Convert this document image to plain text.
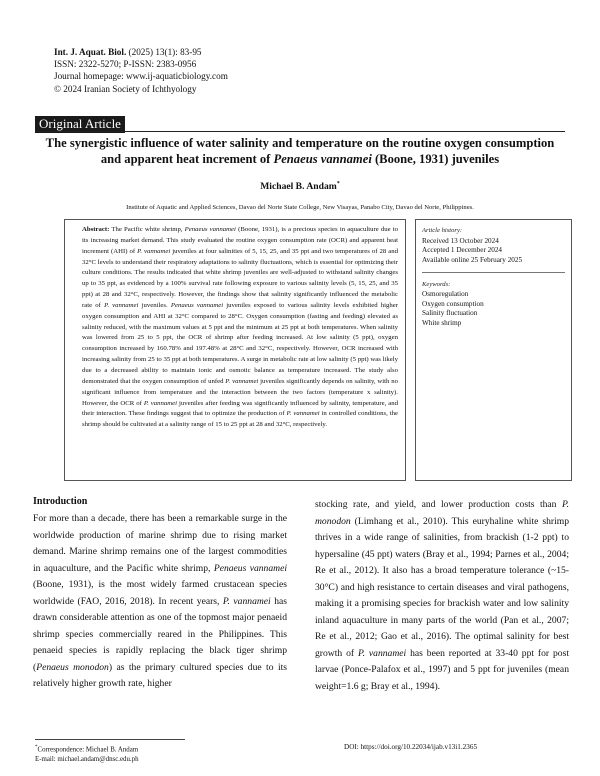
Int. J. Aquat. Biol. (2025) 13(1): 83-95
ISSN: 2322-5270; P-ISSN: 2383-0956
Journal homepage: www.ij-aquaticbiology.com
© 2024 Iranian Society of Ichthyology
Original Article
The synergistic influence of water salinity and temperature on the routine oxygen consumption and apparent heat increment of Penaeus vannamei (Boone, 1931) juveniles
Michael B. Andam*
Institute of Aquatic and Applied Sciences, Davao del Norte State College, New Visayas, Panabo City, Davao del Norte, Philippines.

Abstract: The Pacific white shrimp, Penaeus vannamei (Boone, 1931), is a precious species in aquaculture due to its increasing market demand. This study evaluated the routine oxygen consumption rate (OCR) and apparent heat increment (AHI) of P. vannamei juveniles at four salinities of 5, 15, 25, and 35 ppt and two temperatures of 28 and 32°C levels to understand their respiratory adaptations to salinity fluctuations, which is essential for optimizing their culture conditions. The results indicated that white shrimp juveniles are well-adjusted to withstand salinity changes up to 35 ppt, as evidenced by a 100% survival rate following exposure to various salinity levels (5, 15, 25, and 35 ppt) at 28 and 32°C, respectively. However, the findings show that salinity significantly influenced the metabolic rate of P. vannamei juveniles. Penaeus vannamei juveniles exposed to various salinity levels exhibited higher oxygen consumption and AHI at 32°C compared to 28°C. Oxygen consumption (fasting and feeding) elevated as salinity reduced, with the maximum values at 5 ppt and the minimum at 25 ppt at both temperatures. When salinity was lowered from 25 to 5 ppt, the OCR of shrimp after feeding increased. At low salinity (5 ppt), oxygen consumption increased by 160.78% and 197.48% at 28°C and 32°C, respectively. However, OCR increased with increasing salinity from 25 to 35 ppt at both temperatures. A surge in metabolic rate at low salinity (5 ppt) was likely due to a decreased ability to maintain ionic and osmotic balance as temperature increased. The study also demonstrated that the oxygen consumption of unfed P. vannamei juveniles significantly depends on salinity, with no significant influence from temperature and the interaction between the two factors (temperature x salinity). However, the OCR of P. vannamei juveniles after feeding was significantly influenced by salinity, temperature, and their interaction. These findings suggest that to optimize the production of P. vannamei in controlled conditions, the shrimp should be cultivated at a salinity range of 15 to 25 ppt at 28 and 32°C, respectively.

Article history:
Received 13 October 2024
Accepted 1 December 2024
Available online 25 February 2025
Keywords:
Osmoregulation
Oxygen consumption
Salinity fluctuation
White shrimp
Introduction

For more than a decade, there has been a remarkable surge in the worldwide production of marine shrimp due to rising market demand. Marine shrimp remains one of the largest commodities in aquaculture, and the Pacific white shrimp, Penaeus vannamei (Boone, 1931), is the most widely farmed crustacean species worldwide (FAO, 2016, 2018). In recent years, P. vannamei has drawn considerable attention as one of the topmost major penaeid shrimp species commercially reared in the Philippines. This penaeid species is rapidly replacing the black tiger shrimp (Penaeus monodon) as the primary cultured species due to its relatively higher growth rate, higher

stocking rate, and yield, and lower production costs than P. monodon (Limhang et al., 2010). This euryhaline white shrimp thrives in a wide range of salinities, from brackish (1-2 ppt) to hypersaline (45 ppt) waters (Bray et al., 1994; Parnes et al., 2004; Re et al., 2012). It also has a broad temperature tolerance (~15-30°C) and high resistance to certain diseases and viral pathogens, making it a promising species for brackish water and low salinity inland aquaculture in many parts of the world (Pan et al., 2007; Re et al., 2012; Gao et al., 2016). The optimal salinity for best growth of P. vannamei has been reported at 33-40 ppt for post larvae (Ponce-Palafox et al., 1997) and 5 ppt for juveniles (mean weight=1.6 g; Bray et al., 1994).

*Correspondence: Michael B. Andam
E-mail: michael.andam@dnsc.edu.ph
DOI: https://doi.org/10.22034/ijab.v13i1.2365
